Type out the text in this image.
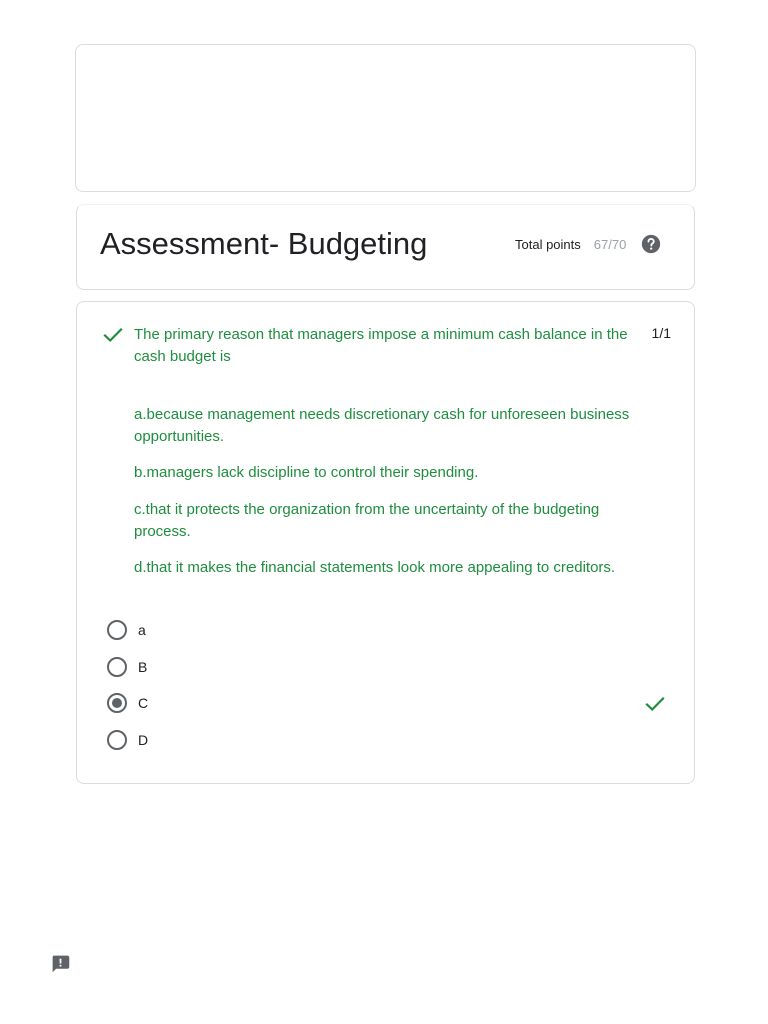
Assessment- Budgeting	Total points 67/70

The primary reason that managers impose a minimum cash balance in the cash budget is

1/1

a.because management needs discretionary cash for unforeseen business opportunities.

b.managers lack discipline to control their spending.

c.that it protects the organization from the uncertainty of the budgeting process.

d.that it makes the financial statements look more appealing to creditors.

a
B
C
D
